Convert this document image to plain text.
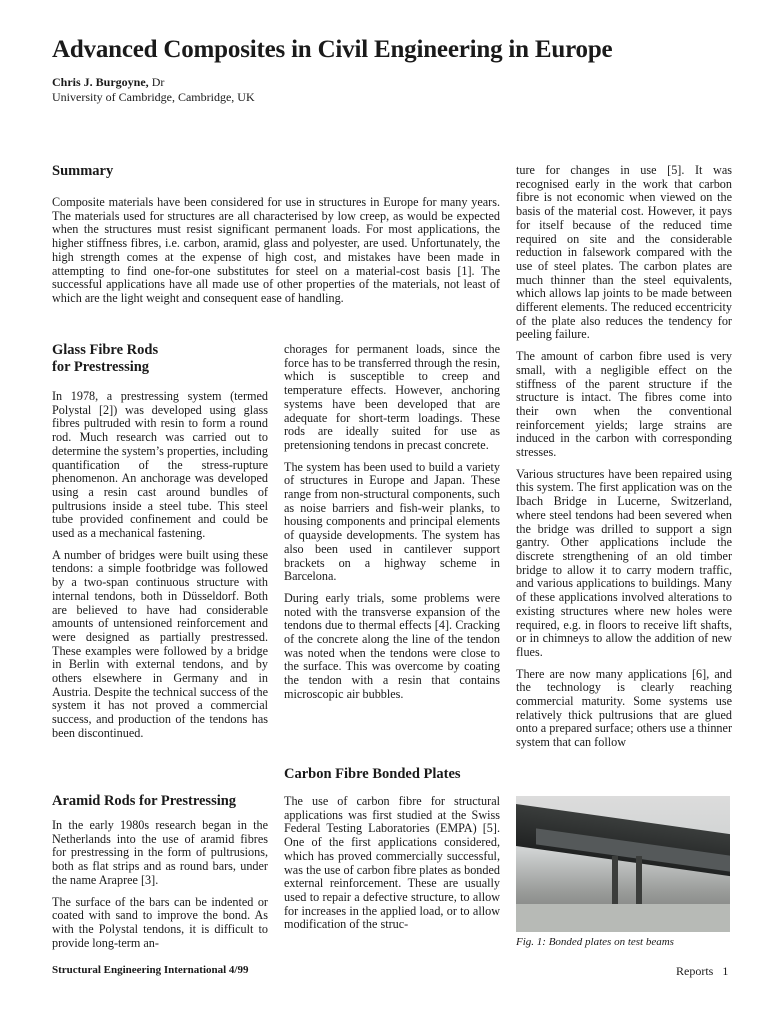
Advanced Composites in Civil Engineering in Europe
Chris J. Burgoyne, Dr
University of Cambridge, Cambridge, UK
Summary

Composite materials have been considered for use in structures in Europe for many years. The materials used for structures are all characterised by low creep, as would be expected when the structures must resist significant permanent loads. For most applications, the higher stiffness fibres, i.e. carbon, aramid, glass and polyester, are used. Unfortunately, the high strength comes at the expense of high cost, and mistakes have been made in attempting to find one-for-one substitutes for steel on a material-cost basis [1]. The successful applications have all made use of other properties of the materials, not least of which are the light weight and consequent ease of handling.

Glass Fibre Rods
for Prestressing

In 1978, a prestressing system (termed Polystal [2]) was developed using glass fibres pultruded with resin to form a round rod. Much research was carried out to determine the system’s properties, including quantification of the stress-rupture phenomenon. An anchorage was developed using a resin cast around bundles of pultrusions inside a steel tube. This steel tube provided confinement and could be used as a mechanical fastening.

A number of bridges were built using these tendons: a simple footbridge was followed by a two-span continuous structure with internal tendons, both in Düsseldorf. Both are believed to have had considerable amounts of untensioned reinforcement and were designed as partially prestressed. These examples were followed by a bridge in Berlin with external tendons, and by others elsewhere in Germany and in Austria. Despite the technical success of the system it has not proved a commercial success, and production of the tendons has been discontinued.

Aramid Rods for Prestressing

In the early 1980s research began in the Netherlands into the use of aramid fibres for prestressing in the form of pultrusions, both as flat strips and as round bars, under the name Arapree [3].

The surface of the bars can be indented or coated with sand to improve the bond. As with the Polystal tendons, it is difficult to provide long-term an-

chorages for permanent loads, since the force has to be transferred through the resin, which is susceptible to creep and temperature effects. However, anchoring systems have been developed that are adequate for short-term loadings. These rods are ideally suited for use as pretensioning tendons in precast concrete.

The system has been used to build a variety of structures in Europe and Japan. These range from non-structural components, such as noise barriers and fish-weir planks, to housing components and principal elements of quayside developments. The system has also been used in cantilever support brackets on a highway scheme in Barcelona.

During early trials, some problems were noted with the transverse expansion of the tendons due to thermal effects [4]. Cracking of the concrete along the line of the tendon was noted when the tendons were close to the surface. This was overcome by coating the tendon with a resin that contains microscopic air bubbles.

Carbon Fibre Bonded Plates

The use of carbon fibre for structural applications was first studied at the Swiss Federal Testing Laboratories (EMPA) [5]. One of the first applications considered, which has proved commercially successful, was the use of carbon fibre plates as bonded external reinforcement. These are usually used to repair a defective structure, to allow for increases in the applied load, or to allow modification of the struc-

ture for changes in use [5]. It was recognised early in the work that carbon fibre is not economic when viewed on the basis of the material cost. However, it pays for itself because of the reduced time required on site and the considerable reduction in falsework compared with the use of steel plates. The carbon plates are much thinner than the steel equivalents, which allows lap joints to be made between different elements. The reduced eccentricity of the plate also reduces the tendency for peeling failure.

The amount of carbon fibre used is very small, with a negligible effect on the stiffness of the parent structure if the structure is intact. The fibres come into their own when the conventional reinforcement yields; large strains are induced in the carbon with corresponding stresses.

Various structures have been repaired using this system. The first application was on the Ibach Bridge in Lucerne, Switzerland, where steel tendons had been severed when the bridge was drilled to support a sign gantry. Other applications include the discrete strengthening of an old timber bridge to allow it to carry modern traffic, and various applications to buildings. Many of these applications involved alterations to existing structures where new holes were required, e.g. in floors to receive lift shafts, or in chimneys to allow the addition of new flues.

There are now many applications [6], and the technology is clearly reaching commercial maturity. Some systems use relatively thick pultrusions that are glued onto a prepared surface; others use a thinner system that can follow

Fig. 1: Bonded plates on test beams
Structural Engineering International 4/99	Reports 1
